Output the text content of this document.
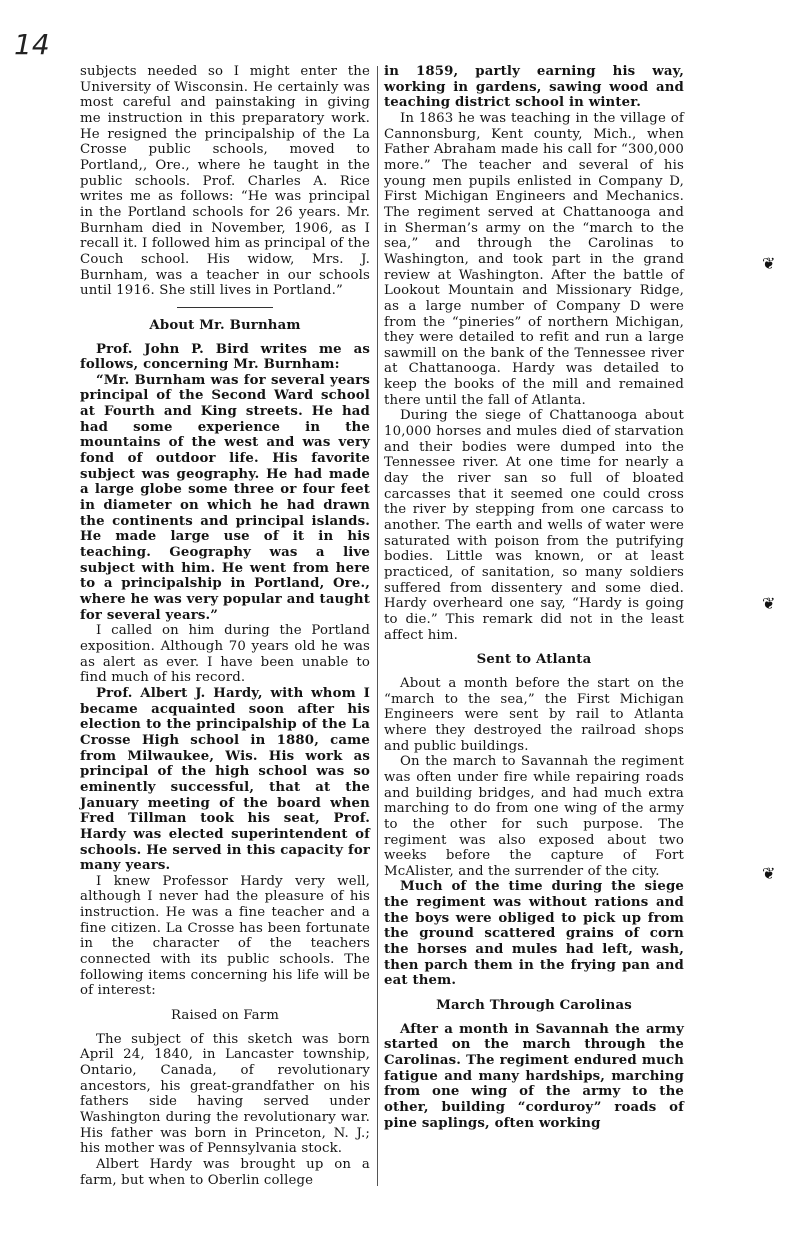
14

subjects needed so I might enter the University of Wisconsin. He certainly was most careful and painstaking in giving me instruction in this preparatory work. He resigned the principalship of the La Crosse public schools, moved to Portland,, Ore., where he taught in the public schools. Prof. Charles A. Rice writes me as follows: “He was principal in the Portland schools for 26 years. Mr. Burnham died in November, 1906, as I recall it. I followed him as principal of the Couch school. His widow, Mrs. J. Burnham, was a teacher in our schools until 1916. She still lives in Portland.”

About Mr. Burnham

Prof. John P. Bird writes me as follows, concerning Mr. Burnham:

“Mr. Burnham was for several years principal of the Second Ward school at Fourth and King streets. He had had some experience in the mountains of the west and was very fond of outdoor life. His favorite subject was geography. He had made a large globe some three or four feet in diameter on which he had drawn the continents and principal islands. He made large use of it in his teaching. Geography was a live subject with him. He went from here to a principalship in Portland, Ore., where he was very popular and taught for several years.”

I called on him during the Portland exposition. Although 70 years old he was as alert as ever. I have been unable to find much of his record.

Prof. Albert J. Hardy, with whom I became acquainted soon after his election to the principalship of the La Crosse High school in 1880, came from Milwaukee, Wis. His work as principal of the high school was so eminently successful, that at the January meeting of the board when Fred Tillman took his seat, Prof. Hardy was elected superintendent of schools. He served in this capacity for many years.

I knew Professor Hardy very well, although I never had the pleasure of his instruction. He was a fine teacher and a fine citizen. La Crosse has been fortunate in the character of the teachers connected with its public schools. The following items concerning his life will be of interest:

Raised on Farm

The subject of this sketch was born April 24, 1840, in Lancaster township, Ontario, Canada, of revolutionary ancestors, his great-grandfather on his fathers side having served under Washington during the revolutionary war. His father was born in Princeton, N. J.; his mother was of Pennsylvania stock.

Albert Hardy was brought up on a farm, but when to Oberlin college

in 1859, partly earning his way, working in gardens, sawing wood and teaching district school in winter.

In 1863 he was teaching in the village of Cannonsburg, Kent county, Mich., when Father Abraham made his call for “300,000 more.” The teacher and several of his young men pupils enlisted in Company D, First Michigan Engineers and Mechanics. The regiment served at Chattanooga and in Sherman’s army on the “march to the sea,” and through the Carolinas to Washington, and took part in the grand review at Washington. After the battle of Lookout Mountain and Missionary Ridge, as a large number of Company D were from the “pineries” of northern Michigan, they were detailed to refit and run a large sawmill on the bank of the Tennessee river at Chattanooga. Hardy was detailed to keep the books of the mill and remained there until the fall of Atlanta.

During the siege of Chattanooga about 10,000 horses and mules died of starvation and their bodies were dumped into the Tennessee river. At one time for nearly a day the river san so full of bloated carcasses that it seemed one could cross the river by stepping from one carcass to another. The earth and wells of water were saturated with poison from the putrifying bodies. Little was known, or at least practiced, of sanitation, so many soldiers suffered from dissentery and some died. Hardy overheard one say, “Hardy is going to die.” This remark did not in the least affect him.

Sent to Atlanta

About a month before the start on the “march to the sea,” the First Michigan Engineers were sent by rail to Atlanta where they destroyed the railroad shops and public buildings.

On the march to Savannah the regiment was often under fire while repairing roads and building bridges, and had much extra marching to do from one wing of the army to the other for such purpose. The regiment was also exposed about two weeks before the capture of Fort McAlister, and the surrender of the city.

Much of the time during the siege the regiment was without rations and the boys were obliged to pick up from the ground scattered grains of corn the horses and mules had left, wash, then parch them in the frying pan and eat them.

March Through Carolinas

After a month in Savannah the army started on the march through the Carolinas. The regiment endured much fatigue and many hardships, marching from one wing of the army to the other, building “corduroy” roads of pine saplings, often working

❦
❦
❦
